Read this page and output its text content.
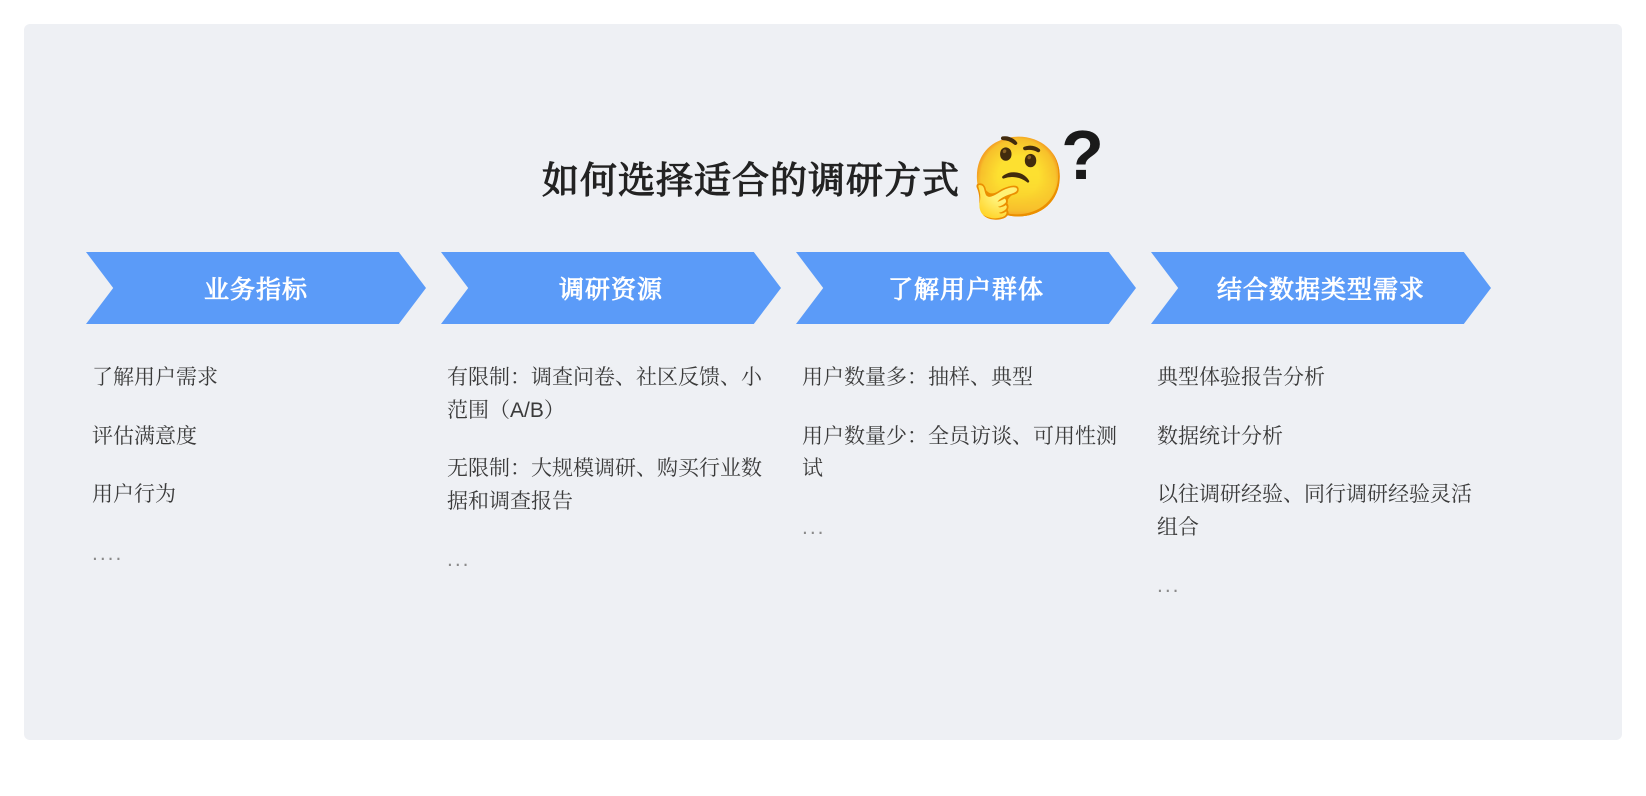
如何选择适合的调研方式 🤔
?
业务指标
了解用户需求
评估满意度
用户行为
....
调研资源
有限制：调查问卷、社区反馈、小范围（A/B）
无限制：大规模调研、购买行业数据和调查报告
...
了解用户群体
用户数量多：抽样、典型
用户数量少：全员访谈、可用性测试
...
结合数据类型需求
典型体验报告分析
数据统计分析
以往调研经验、同行调研经验灵活组合
...
